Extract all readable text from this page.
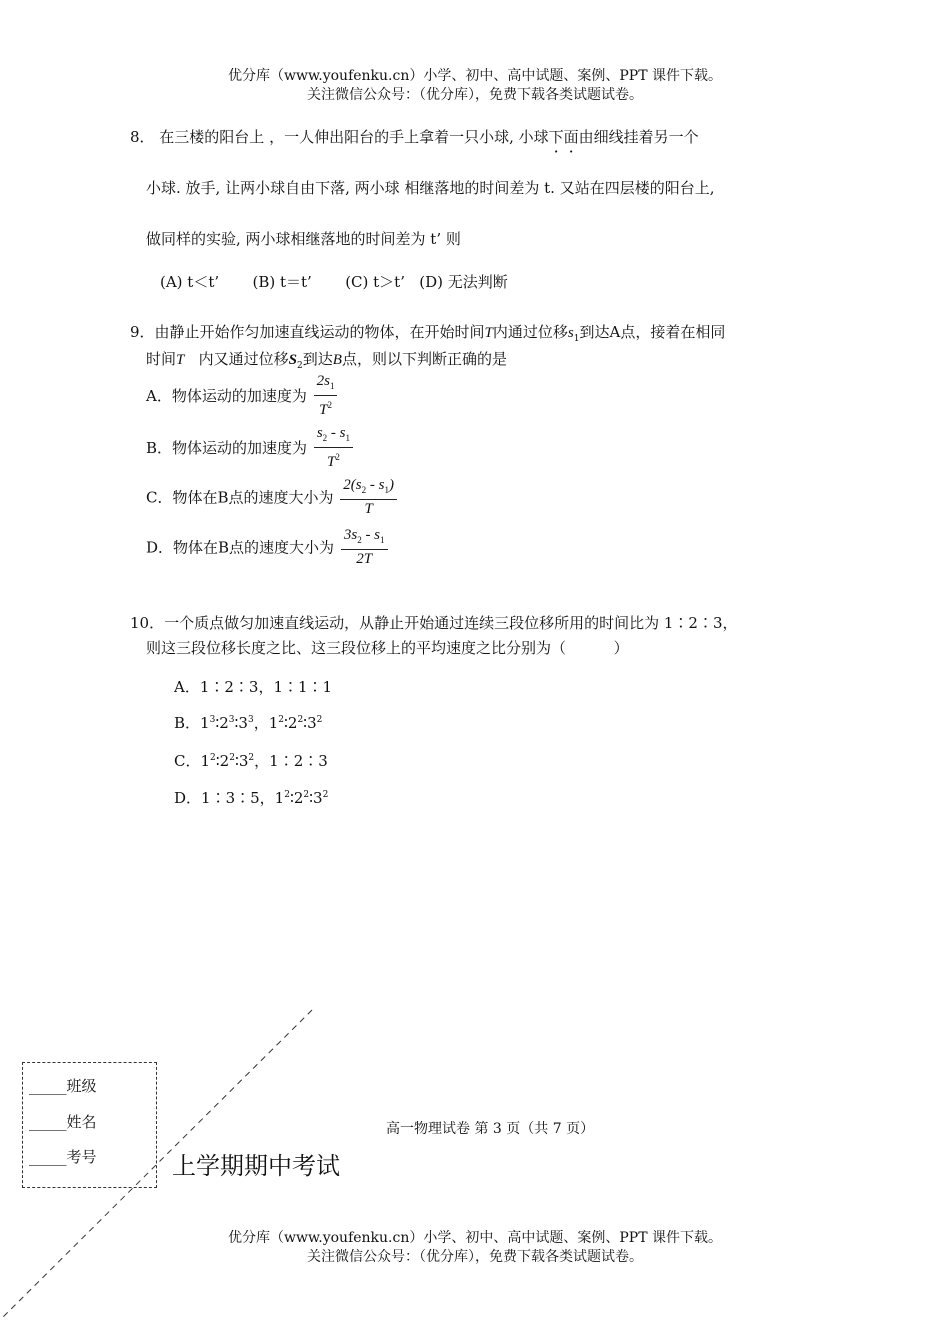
优分库（www.youfenku.cn）小学、初中、高中试题、案例、PPT 课件下载。
关注微信公众号：（优分库），免费下载各类试题试卷。
8． 在三楼的阳台上 ，一人伸出阳台的手上拿着一只小球, 小球下面由细线挂着另一个
小球. 放手, 让两小球自由下落, 两小球 相继落地的时间差为 t. 又站在四层楼的阳台上,
做同样的实验, 两小球相继落地的时间差为 t’ 则
(A) t＜t’       (B) t＝t’       (C) t＞t’   (D) 无法判断
9．由静止开始作匀加速直线运动的物体，在开始时间T内通过位移$s_1$到达A点，接着在相同
时间T   内又通过位移$S_2$到达B点，则以下判断正确的是
A．物体运动的加速度为 $\frac{2s_1}{T^2}$
B．物体运动的加速度为 $\frac{s_2 - s_1}{T^2}$
C．物体在B点的速度大小为 $\frac{2(s_2 - s_1)}{T}$
D．物体在B点的速度大小为 $\frac{3s_2 - s_1}{2T}$
10．一个质点做匀加速直线运动，从静止开始通过连续三段位移所用的时间比为 1∶2∶3，
则这三段位移长度之比、这三段位移上的平均速度之比分别为（          ）
A．1∶2∶3，1∶1∶1
B．$1^3∶2^3∶3^3$，$1^2∶2^2∶3^2$
C．$1^2∶2^2∶3^2$，1∶2∶3
D．1∶3∶5，$1^2∶2^2∶3^2$
_____班级
_____姓名
_____考号
高一物理试卷 第 3 页（共 7 页）
上学期期中考试
优分库（www.youfenku.cn）小学、初中、高中试题、案例、PPT 课件下载。
关注微信公众号：（优分库），免费下载各类试题试卷。
